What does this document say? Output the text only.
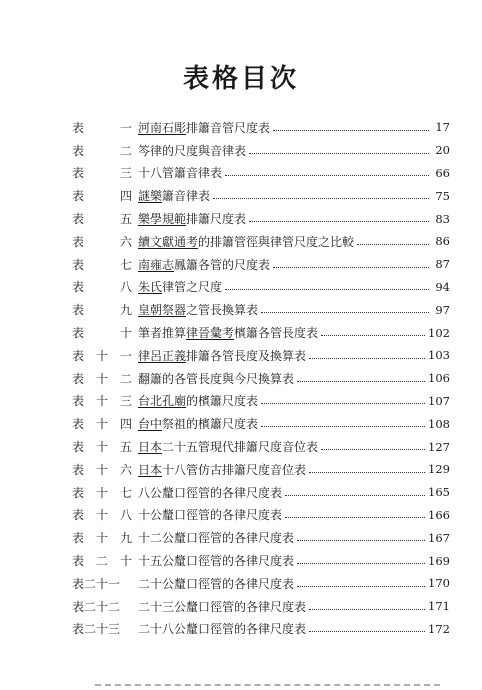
表格目次
表	一 河南石彫排簫音管尺度表	17
表	二 笒律的尺度與音律表	20
表	三 十八管簫音律表	66
表	四 謎樂簫音律表	75
表	五 樂學規範排簫尺度表	83
表	六 續文獻通考的排簫管徑與律管尺度之比較	86
表	七 南雍志鳳簫各管的尺度表	87
表	八 朱氏律管之尺度	94
表	九 皇朝祭器之管長換算表	97
表	十 筆者推算律晉彙考檳簫各管長度表	102
表 十 一 律呂正義排簫各管長度及換算表	103
表 十 二 翻簫的各管長度與今尺換算表	106
表 十 三 台北孔廟的檳簫尺度表	107
表 十 四 台中祭祖的檳簫尺度表	108
表 十 五 日本二十五管現代排簫尺度音位表	127
表 十 六 日本十八管仿古排簫尺度音位表	129
表 十 七 八公釐口徑管的各律尺度表	165
表 十 八 十公釐口徑管的各律尺度表	166
表 十 九 十二公釐口徑管的各律尺度表	167
表 二 十 十五公釐口徑管的各律尺度表	169
表二十一 二十公釐口徑管的各律尺度表	170
表二十二 二十三公釐口徑管的各律尺度表	171
表二十三 二十八公釐口徑管的各律尺度表	172
